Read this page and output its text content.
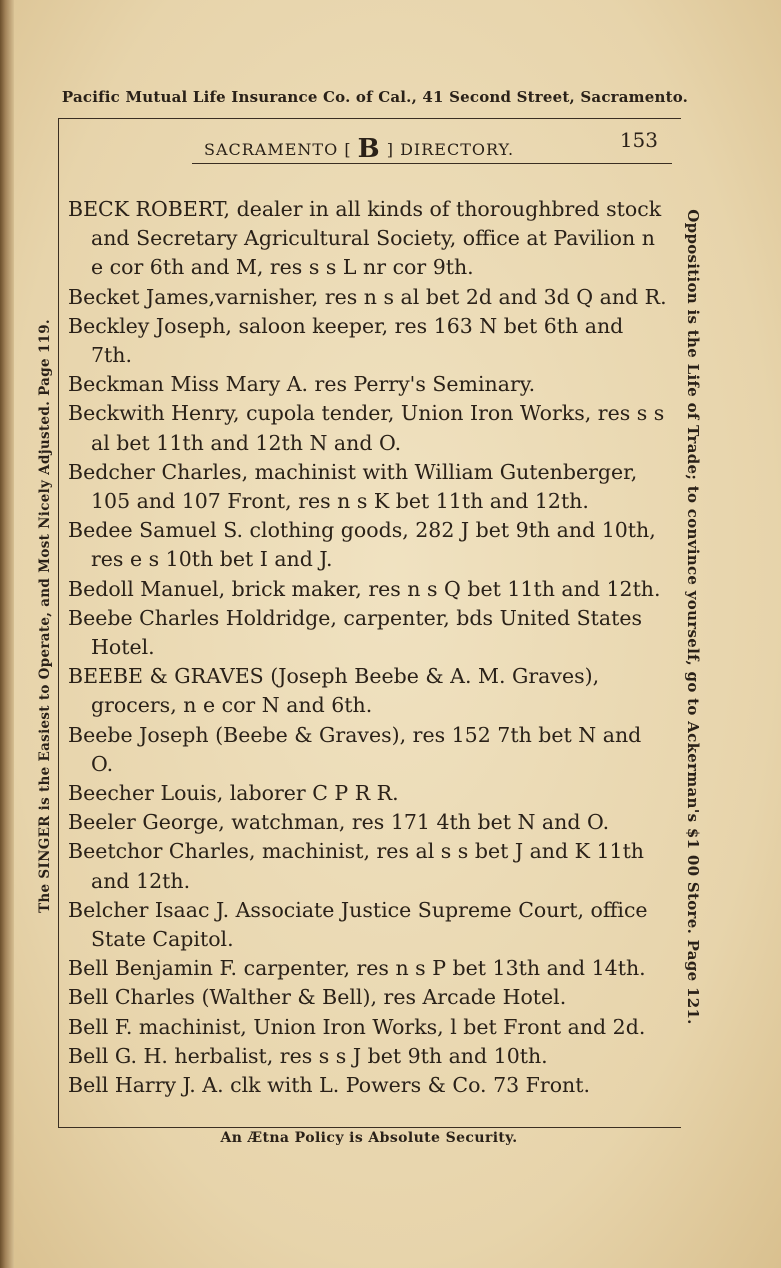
Pacific Mutual Life Insurance Co. of Cal., 41 Second Street, Sacramento.
SACRAMENTO [ B ] DIRECTORY.	153
BECK ROBERT, dealer in all kinds of thoroughbred stock and Secretary Agricultural Society, office at Pavilion n e cor 6th and M, res s s L nr cor 9th.
Becket James,varnisher, res n s al bet 2d and 3d Q and R.
Beckley Joseph, saloon keeper, res 163 N bet 6th and 7th.
Beckman Miss Mary A. res Perry's Seminary.
Beckwith Henry, cupola tender, Union Iron Works, res s s al bet 11th and 12th N and O.
Bedcher Charles, machinist with William Gutenberger, 105 and 107 Front, res n s K bet 11th and 12th.
Bedee Samuel S. clothing goods, 282 J bet 9th and 10th, res e s 10th bet I and J.
Bedoll Manuel, brick maker, res n s Q bet 11th and 12th.
Beebe Charles Holdridge, carpenter, bds United States Hotel.
BEEBE & GRAVES (Joseph Beebe & A. M. Graves), grocers, n e cor N and 6th.
Beebe Joseph (Beebe & Graves), res 152 7th bet N and O.
Beecher Louis, laborer C P R R.
Beeler George, watchman, res 171 4th bet N and O.
Beetchor Charles, machinist, res al s s bet J and K 11th and 12th.
Belcher Isaac J. Associate Justice Supreme Court, office State Capitol.
Bell Benjamin F. carpenter, res n s P bet 13th and 14th.
Bell Charles (Walther & Bell), res Arcade Hotel.
Bell F. machinist, Union Iron Works, l bet Front and 2d.
Bell G. H. herbalist, res s s J bet 9th and 10th.
Bell Harry J. A. clk with L. Powers & Co. 73 Front.
The SINGER is the Easiest to Operate, and Most Nicely Adjusted. Page 119.	Opposition is the Life of Trade; to convince yourself, go to Ackerman's $1 00 Store. Page 121.
An Ætna Policy is Absolute Security.
